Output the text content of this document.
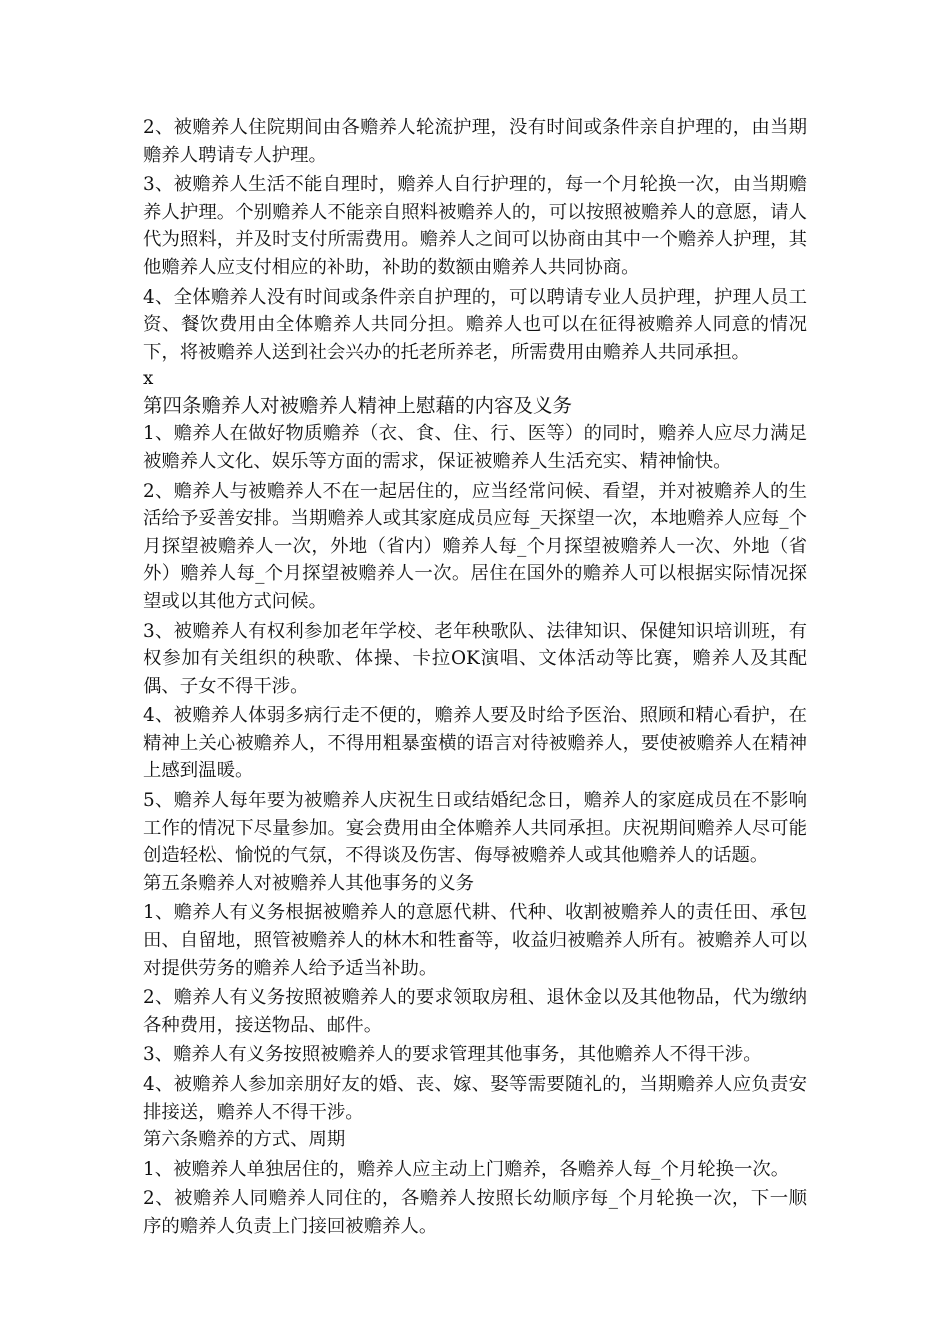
2、被赡养人住院期间由各赡养人轮流护理，没有时间或条件亲自护理的，由当期赡养人聘请专人护理。

3、被赡养人生活不能自理时，赡养人自行护理的，每一个月轮换一次，由当期赡养人护理。个别赡养人不能亲自照料被赡养人的，可以按照被赡养人的意愿，请人代为照料，并及时支付所需费用。赡养人之间可以协商由其中一个赡养人护理，其他赡养人应支付相应的补助，补助的数额由赡养人共同协商。

4、全体赡养人没有时间或条件亲自护理的，可以聘请专业人员护理，护理人员工资、餐饮费用由全体赡养人共同分担。赡养人也可以在征得被赡养人同意的情况下，将被赡养人送到社会兴办的托老所养老，所需费用由赡养人共同承担。

x

第四条赡养人对被赡养人精神上慰藉的内容及义务

1、赡养人在做好物质赡养（衣、食、住、行、医等）的同时，赡养人应尽力满足被赡养人文化、娱乐等方面的需求，保证被赡养人生活充实、精神愉快。

2、赡养人与被赡养人不在一起居住的，应当经常问候、看望，并对被赡养人的生活给予妥善安排。当期赡养人或其家庭成员应每_天探望一次，本地赡养人应每_个月探望被赡养人一次，外地（省内）赡养人每_个月探望被赡养人一次、外地（省外）赡养人每_个月探望被赡养人一次。居住在国外的赡养人可以根据实际情况探望或以其他方式问候。

3、被赡养人有权利参加老年学校、老年秧歌队、法律知识、保健知识培训班，有权参加有关组织的秧歌、体操、卡拉OK演唱、文体活动等比赛，赡养人及其配偶、子女不得干涉。

4、被赡养人体弱多病行走不便的，赡养人要及时给予医治、照顾和精心看护，在精神上关心被赡养人，不得用粗暴蛮横的语言对待被赡养人，要使被赡养人在精神上感到温暖。

5、赡养人每年要为被赡养人庆祝生日或结婚纪念日，赡养人的家庭成员在不影响工作的情况下尽量参加。宴会费用由全体赡养人共同承担。庆祝期间赡养人尽可能创造轻松、愉悦的气氛，不得谈及伤害、侮辱被赡养人或其他赡养人的话题。

第五条赡养人对被赡养人其他事务的义务

1、赡养人有义务根据被赡养人的意愿代耕、代种、收割被赡养人的责任田、承包田、自留地，照管被赡养人的林木和牲畜等，收益归被赡养人所有。被赡养人可以对提供劳务的赡养人给予适当补助。

2、赡养人有义务按照被赡养人的要求领取房租、退休金以及其他物品，代为缴纳各种费用，接送物品、邮件。

3、赡养人有义务按照被赡养人的要求管理其他事务，其他赡养人不得干涉。

4、被赡养人参加亲朋好友的婚、丧、嫁、娶等需要随礼的，当期赡养人应负责安排接送，赡养人不得干涉。

第六条赡养的方式、周期

1、被赡养人单独居住的，赡养人应主动上门赡养，各赡养人每_个月轮换一次。

2、被赡养人同赡养人同住的，各赡养人按照长幼顺序每_个月轮换一次，下一顺序的赡养人负责上门接回被赡养人。
